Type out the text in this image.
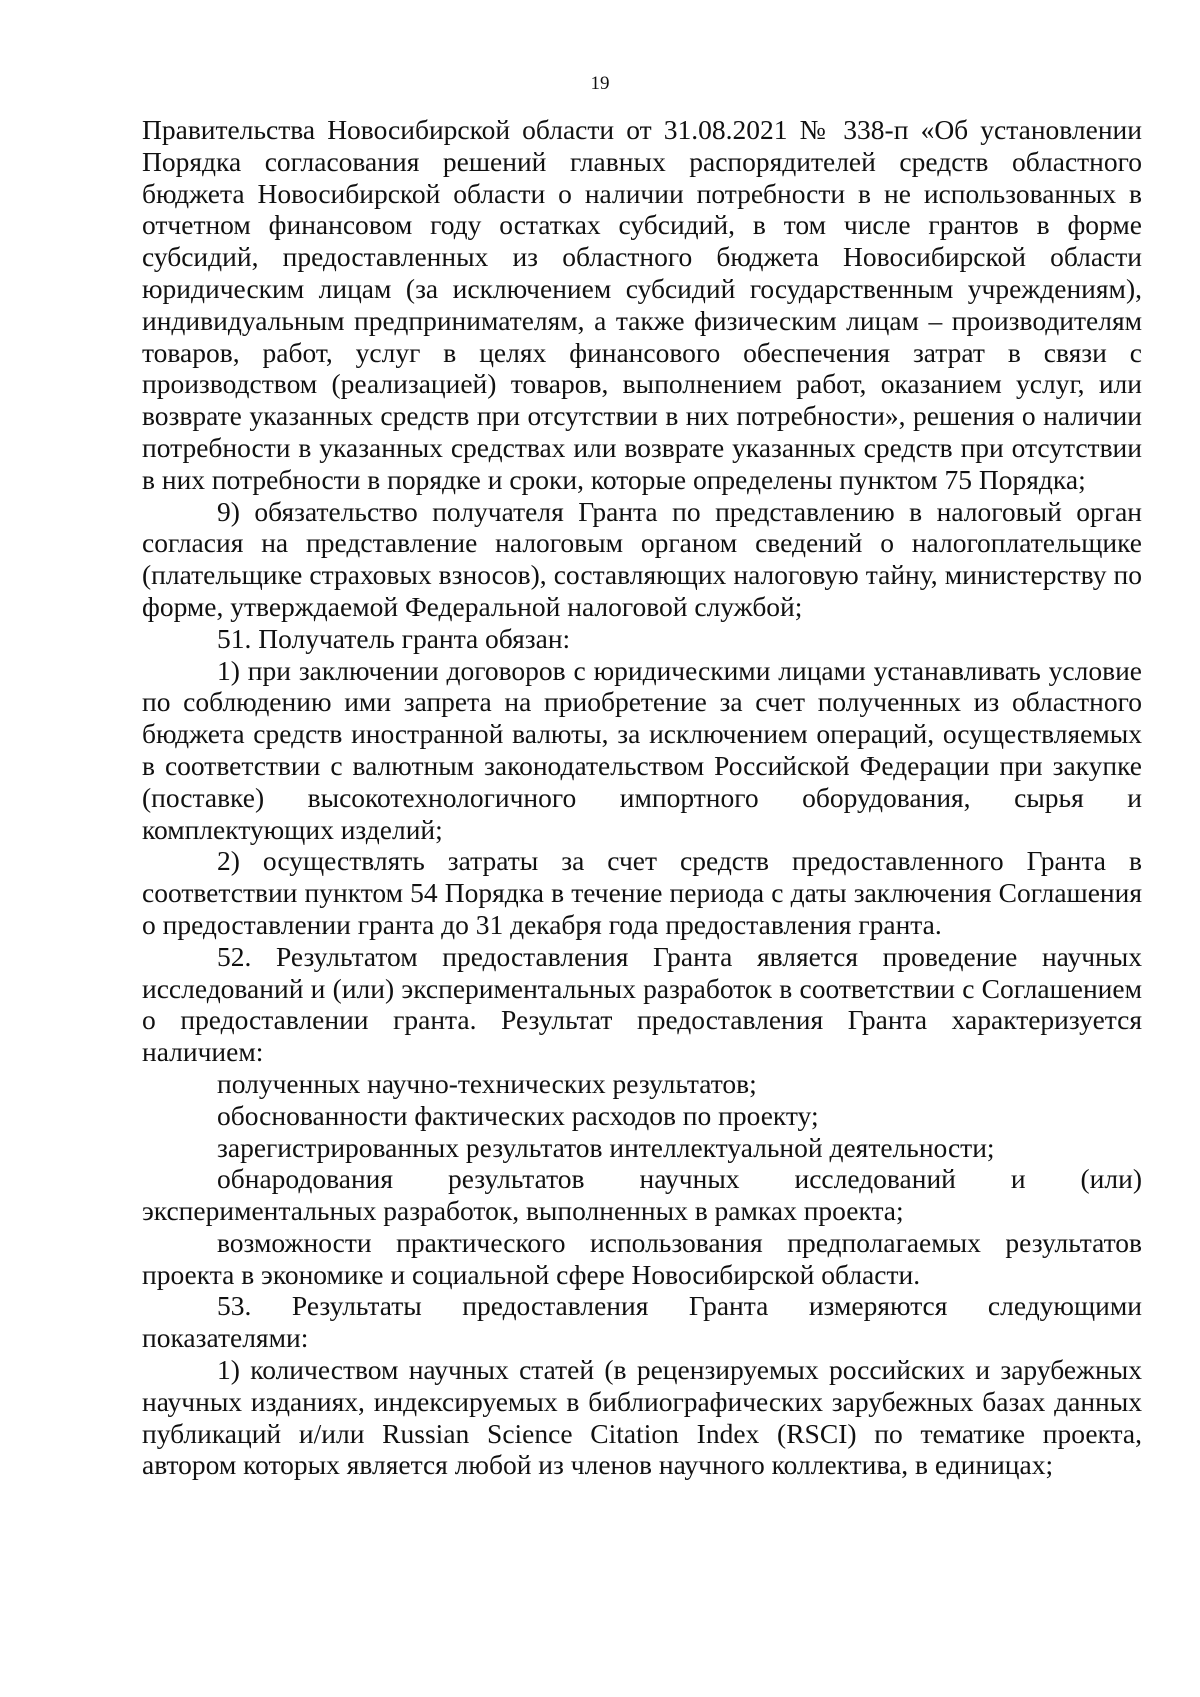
19

Правительства Новосибирской области от 31.08.2021 № 338-п «Об установлении Порядка согласования решений главных распорядителей средств областного бюджета Новосибирской области о наличии потребности в не использованных в отчетном финансовом году остатках субсидий, в том числе грантов в форме субсидий, предоставленных из областного бюджета Новосибирской области юридическим лицам (за исключением субсидий государственным учреждениям), индивидуальным предпринимателям, а также физическим лицам – производителям товаров, работ, услуг в целях финансового обеспечения затрат в связи с производством (реализацией) товаров, выполнением работ, оказанием услуг, или возврате указанных средств при отсутствии в них потребности», решения о наличии потребности в указанных средствах или возврате указанных средств при отсутствии в них потребности в порядке и сроки, которые определены пунктом 75 Порядка;

9) обязательство получателя Гранта по представлению в налоговый орган согласия на представление налоговым органом сведений о налогоплательщике (плательщике страховых взносов), составляющих налоговую тайну, министерству по форме, утверждаемой Федеральной налоговой службой;

51. Получатель гранта обязан:

1) при заключении договоров с юридическими лицами устанавливать условие по соблюдению ими запрета на приобретение за счет полученных из областного бюджета средств иностранной валюты, за исключением операций, осуществляемых в соответствии с валютным законодательством Российской Федерации при закупке (поставке) высокотехнологичного импортного оборудования, сырья и комплектующих изделий;

2) осуществлять затраты за счет средств предоставленного Гранта в соответствии пунктом 54 Порядка в течение периода с даты заключения Соглашения о предоставлении гранта до 31 декабря года предоставления гранта.

52. Результатом предоставления Гранта является проведение научных исследований и (или) экспериментальных разработок в соответствии с Соглашением о предоставлении гранта. Результат предоставления Гранта характеризуется наличием:

полученных научно-технических результатов;

обоснованности фактических расходов по проекту;

зарегистрированных результатов интеллектуальной деятельности;

обнародования результатов научных исследований и (или) экспериментальных разработок, выполненных в рамках проекта;

возможности практического использования предполагаемых результатов проекта в экономике и социальной сфере Новосибирской области.

53. Результаты предоставления Гранта измеряются следующими показателями:

1) количеством научных статей (в рецензируемых российских и зарубежных научных изданиях, индексируемых в библиографических зарубежных базах данных публикаций и/или Russian Science Citation Index (RSCI) по тематике проекта, автором которых является любой из членов научного коллектива, в единицах;
